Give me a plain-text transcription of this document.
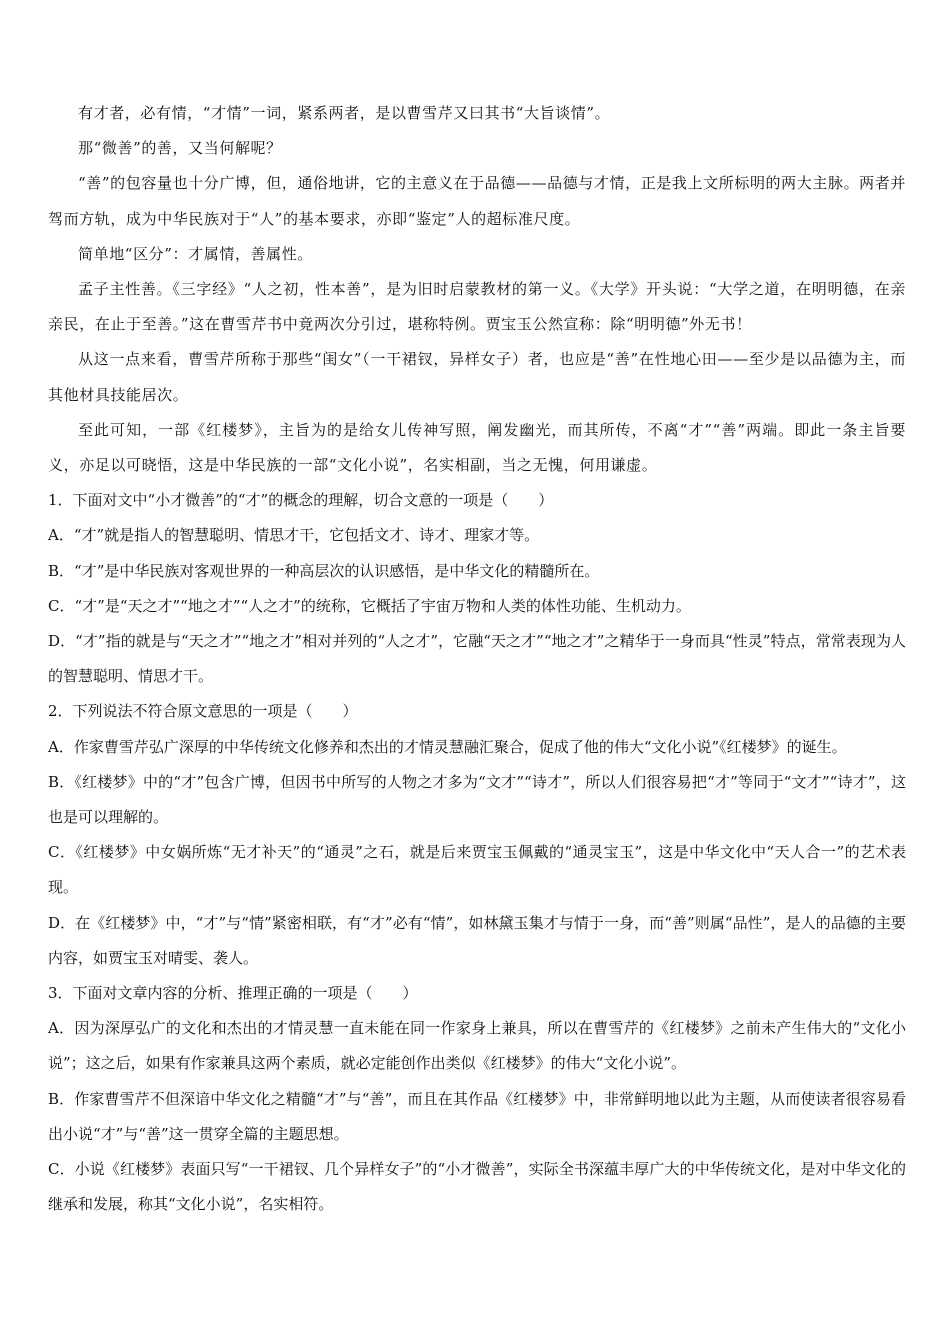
有才者，必有情，“才情”一词，紧系两者，是以曹雪芹又曰其书“大旨谈情”。

那“微善”的善，又当何解呢？

“善”的包容量也十分广博，但，通俗地讲，它的主意义在于品德——品德与才情，正是我上文所标明的两大主脉。两者并驾而方轨，成为中华民族对于“人”的基本要求，亦即“鉴定”人的超标准尺度。

简单地“区分”：才属情，善属性。

孟子主性善。《三字经》“人之初，性本善”，是为旧时启蒙教材的第一义。《大学》开头说：“大学之道，在明明德，在亲亲民，在止于至善。”这在曹雪芹书中竟两次分引过，堪称特例。贾宝玉公然宣称：除“明明德”外无书！

从这一点来看，曹雪芹所称于那些“闺女”（一干裙钗，异样女子）者，也应是“善”在性地心田——至少是以品德为主，而其他材具技能居次。

至此可知，一部《红楼梦》，主旨为的是给女儿传神写照，阐发幽光，而其所传，不离“才”“善”两端。即此一条主旨要义，亦足以可晓悟，这是中华民族的一部“文化小说”，名实相副，当之无愧，何用谦虚。

1．下面对文中“小才微善”的“才”的概念的理解，切合文意的一项是（　　）

A．“才”就是指人的智慧聪明、情思才干，它包括文才、诗才、理家才等。

B．“才”是中华民族对客观世界的一种高层次的认识感悟，是中华文化的精髓所在。

C．“才”是“天之才”“地之才”“人之才”的统称，它概括了宇宙万物和人类的体性功能、生机动力。

D．“才”指的就是与“天之才”“地之才”相对并列的“人之才”，它融“天之才”“地之才”之精华于一身而具“性灵”特点，常常表现为人的智慧聪明、情思才干。

2．下列说法不符合原文意思的一项是（　　）

A．作家曹雪芹弘广深厚的中华传统文化修养和杰出的才情灵慧融汇聚合，促成了他的伟大“文化小说”《红楼梦》的诞生。

B．《红楼梦》中的“才”包含广博，但因书中所写的人物之才多为“文才”“诗才”，所以人们很容易把“才”等同于“文才”“诗才”，这也是可以理解的。

C．《红楼梦》中女娲所炼“无才补天”的“通灵”之石，就是后来贾宝玉佩戴的“通灵宝玉”，这是中华文化中“天人合一”的艺术表现。

D．在《红楼梦》中，“才”与“情”紧密相联，有“才”必有“情”，如林黛玉集才与情于一身，而“善”则属“品性”，是人的品德的主要内容，如贾宝玉对晴雯、袭人。

3．下面对文章内容的分析、推理正确的一项是（　　）

A．因为深厚弘广的文化和杰出的才情灵慧一直未能在同一作家身上兼具，所以在曹雪芹的《红楼梦》之前未产生伟大的“文化小说”；这之后，如果有作家兼具这两个素质，就必定能创作出类似《红楼梦》的伟大“文化小说”。

B．作家曹雪芹不但深谙中华文化之精髓“才”与“善”，而且在其作品《红楼梦》中，非常鲜明地以此为主题，从而使读者很容易看出小说“才”与“善”这一贯穿全篇的主题思想。

C．小说《红楼梦》表面只写“一干裙钗、几个异样女子”的“小才微善”，实际全书深蕴丰厚广大的中华传统文化，是对中华文化的继承和发展，称其“文化小说”，名实相符。
